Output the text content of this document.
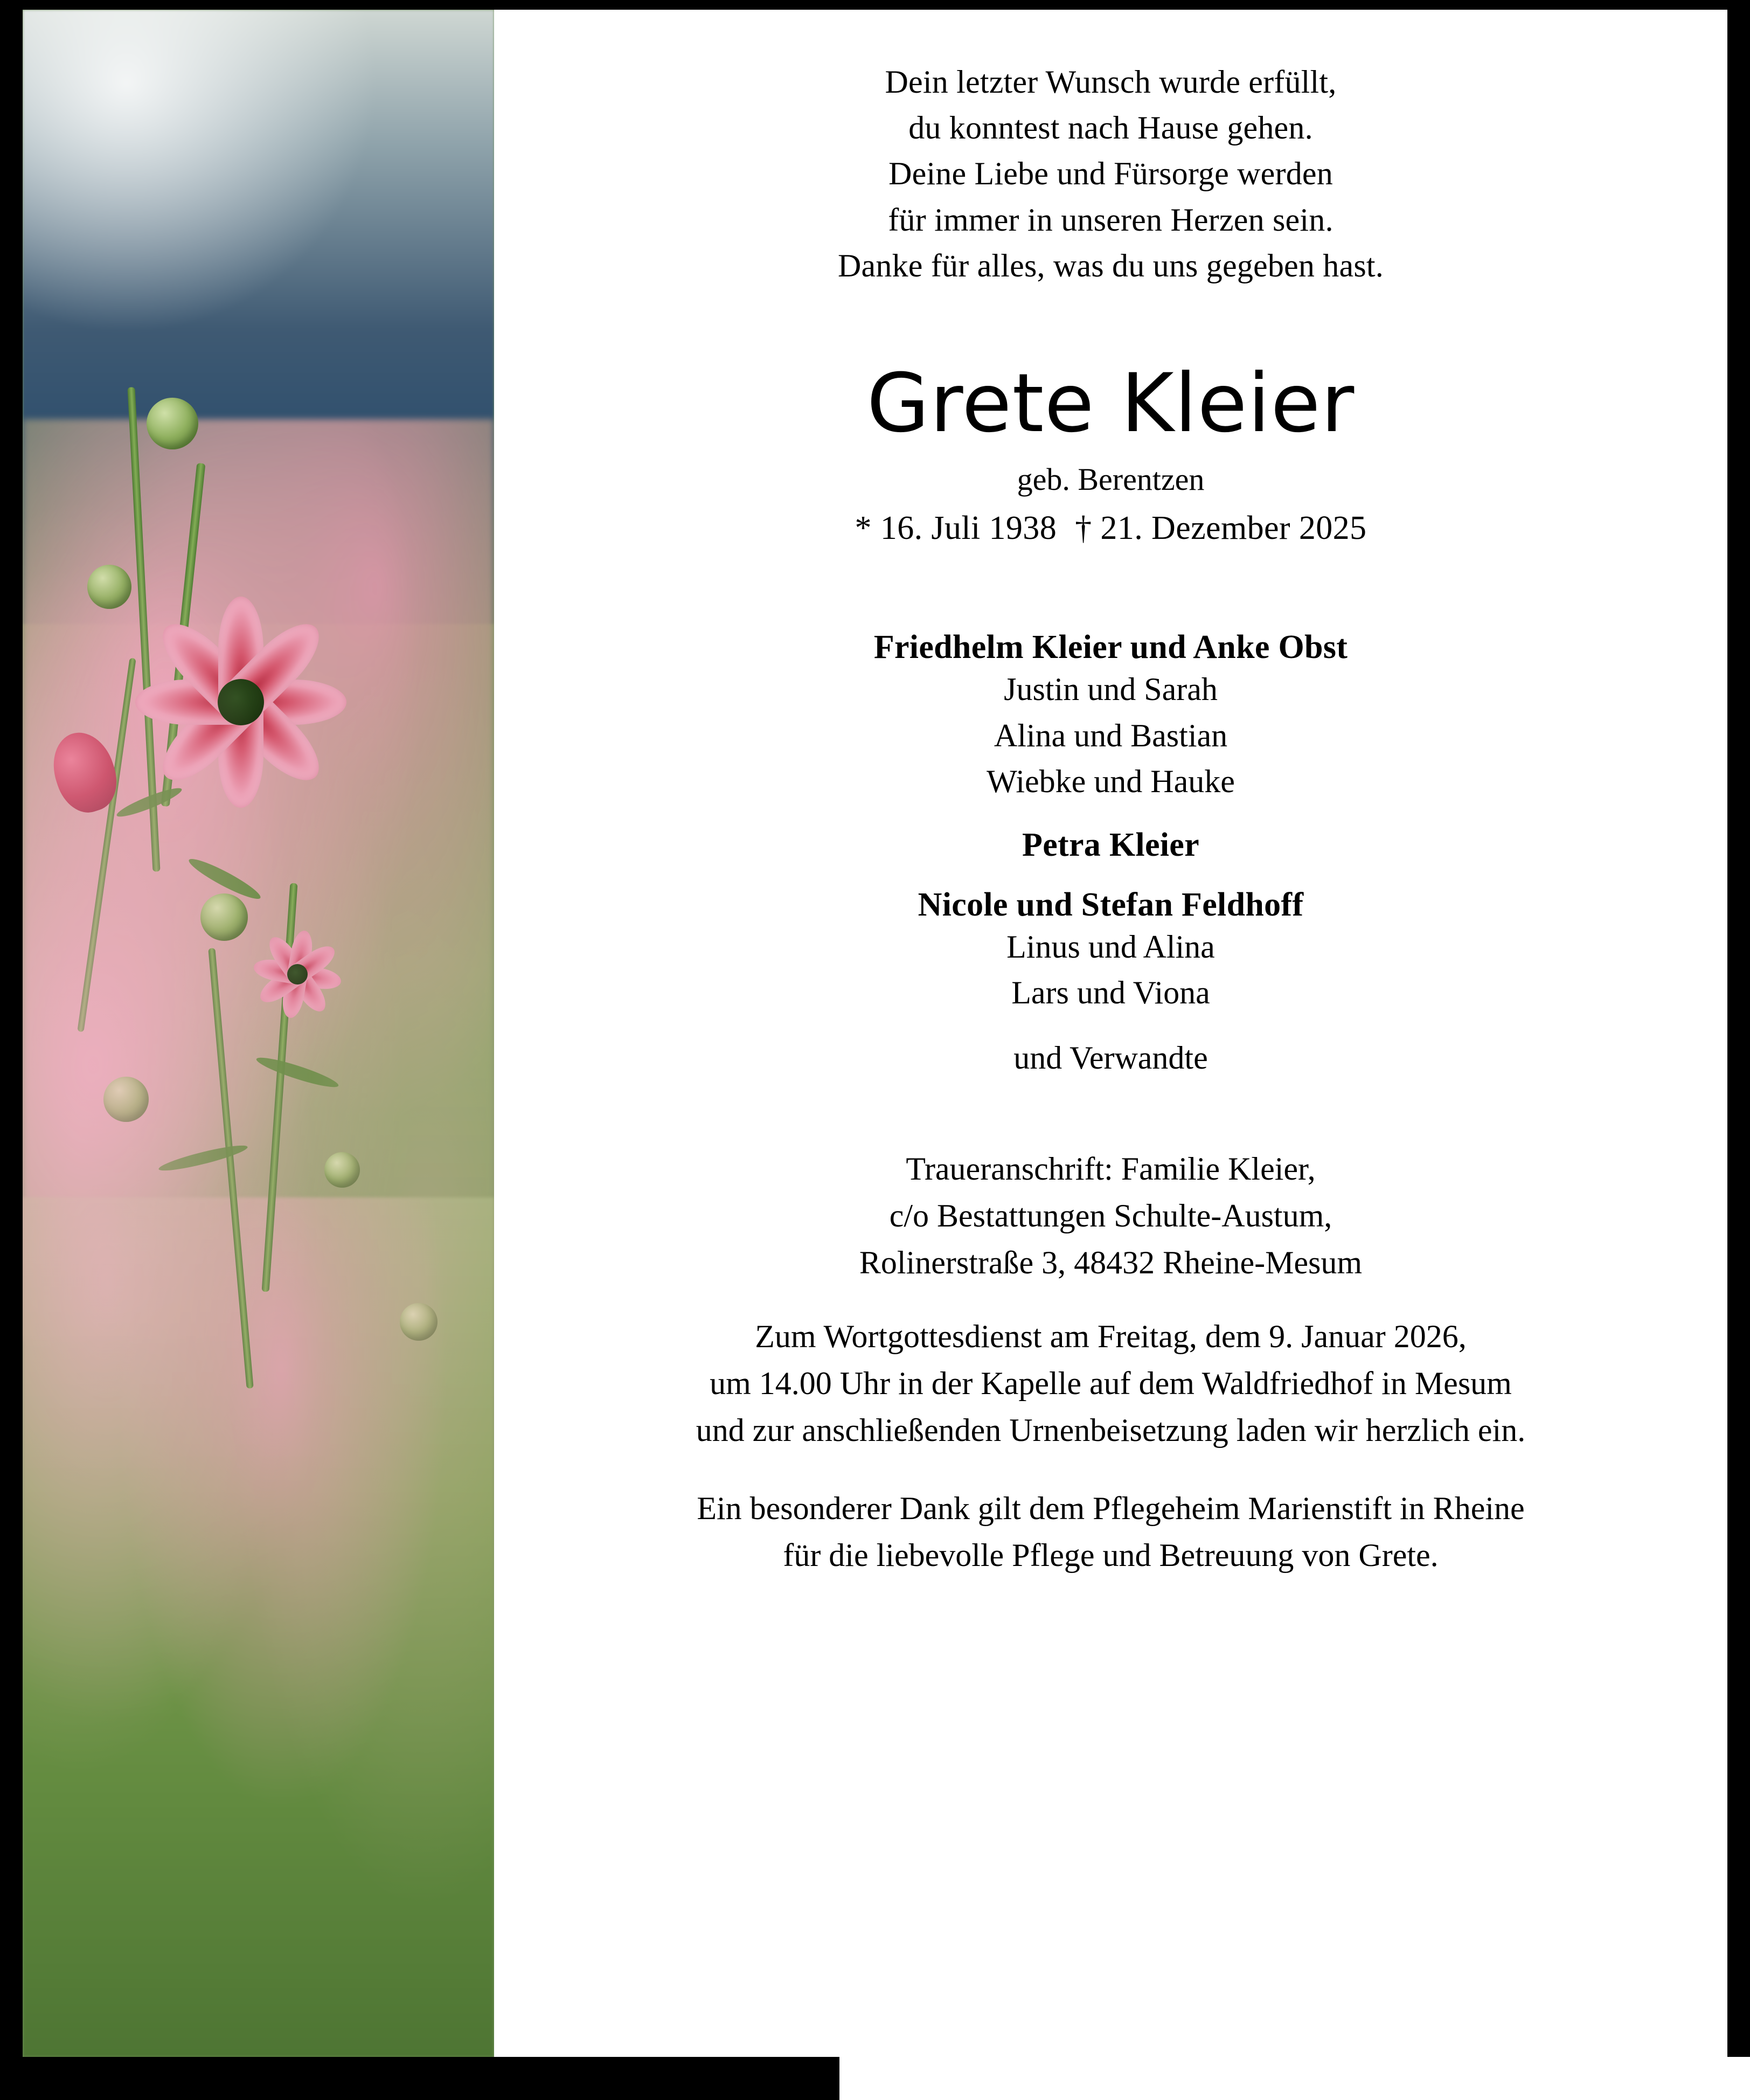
Dein letzter Wunsch wurde erfüllt,
du konntest nach Hause gehen.
Deine Liebe und Fürsorge werden
für immer in unseren Herzen sein.
Danke für alles, was du uns gegeben hast.
Grete Kleier
geb. Berentzen
* 16. Juli 1938 † 21. Dezember 2025
Friedhelm Kleier und Anke Obst
Justin und Sarah
Alina und Bastian
Wiebke und Hauke
Petra Kleier
Nicole und Stefan Feldhoff
Linus und Alina
Lars und Viona
und Verwandte
Traueranschrift: Familie Kleier,
c/o Bestattungen Schulte-Austum,
Rolinerstraße 3, 48432 Rheine-Mesum
Zum Wortgottesdienst am Freitag, dem 9. Januar 2026,
um 14.00 Uhr in der Kapelle auf dem Waldfriedhof in Mesum
und zur anschließenden Urnenbeisetzung laden wir herzlich ein.
Ein besonderer Dank gilt dem Pflegeheim Marienstift in Rheine
für die liebevolle Pflege und Betreuung von Grete.
